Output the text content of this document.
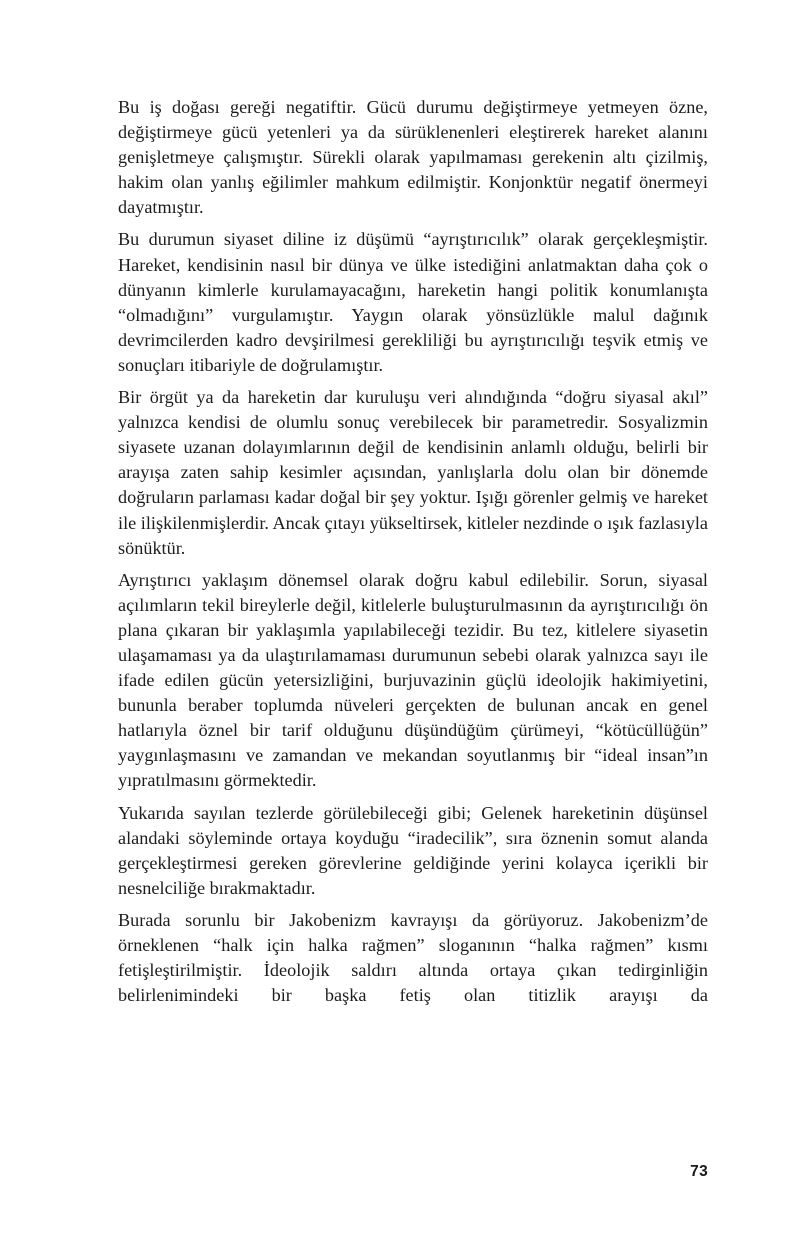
Bu iş doğası gereği negatiftir. Gücü durumu değiştirmeye yetmeyen özne, değiştirmeye gücü yetenleri ya da sürüklenenleri eleştirerek hareket alanını genişletmeye çalışmıştır. Sürekli olarak yapılmaması gerekenin altı çizilmiş, hakim olan yanlış eğilimler mahkum edilmiştir. Konjonktür negatif önermeyi dayatmıştır.

Bu durumun siyaset diline iz düşümü “ayrıştırıcılık” olarak gerçekleşmiştir. Hareket, kendisinin nasıl bir dünya ve ülke istediğini anlatmaktan daha çok o dünyanın kimlerle kurulamayacağını, hareketin hangi politik konumlanışta “olmadığını” vurgulamıştır. Yaygın olarak yönsüzlükle malul dağınık devrimcilerden kadro devşirilmesi gerekliliği bu ayrıştırıcılığı teşvik etmiş ve sonuçları itibariyle de doğrulamıştır.

Bir örgüt ya da hareketin dar kuruluşu veri alındığında “doğru siyasal akıl” yalnızca kendisi de olumlu sonuç verebilecek bir parametredir. Sosyalizmin siyasete uzanan dolayımlarının değil de kendisinin anlamlı olduğu, belirli bir arayışa zaten sahip kesimler açısından, yanlışlarla dolu olan bir dönemde doğruların parlaması kadar doğal bir şey yoktur. Işığı görenler gelmiş ve hareket ile ilişkilenmişlerdir. Ancak çıtayı yükseltirsek, kitleler nezdinde o ışık fazlasıyla sönüktür.

Ayrıştırıcı yaklaşım dönemsel olarak doğru kabul edilebilir. Sorun, siyasal açılımların tekil bireylerle değil, kitlelerle buluşturulmasının da ayrıştırıcılığı ön plana çıkaran bir yaklaşımla yapılabileceği tezidir. Bu tez, kitlelere siyasetin ulaşamaması ya da ulaştırılamaması durumunun sebebi olarak yalnızca sayı ile ifade edilen gücün yetersizliğini, burjuvazinin güçlü ideolojik hakimiyetini, bununla beraber toplumda nüveleri gerçekten de bulunan ancak en genel hatlarıyla öznel bir tarif olduğunu düşündüğüm çürümeyi, “kötücüllüğün” yaygınlaşmasını ve zamandan ve mekandan soyutlanmış bir “ideal insan”ın yıpratılmasını görmektedir.

Yukarıda sayılan tezlerde görülebileceği gibi; Gelenek hareketinin düşünsel alandaki söyleminde ortaya koyduğu “iradecilik”, sıra öznenin somut alanda gerçekleştirmesi gereken görevlerine geldiğinde yerini kolayca içerikli bir nesnelciliğe bırakmaktadır.

Burada sorunlu bir Jakobenizm kavrayışı da görüyoruz. Jakobenizm’de örneklenen “halk için halka rağmen” sloganının “halka rağmen” kısmı fetişleştirilmiştir. İdeolojik saldırı altında ortaya çıkan tedirginliğin belirlenimindeki bir başka fetiş olan titizlik arayışı da

73
